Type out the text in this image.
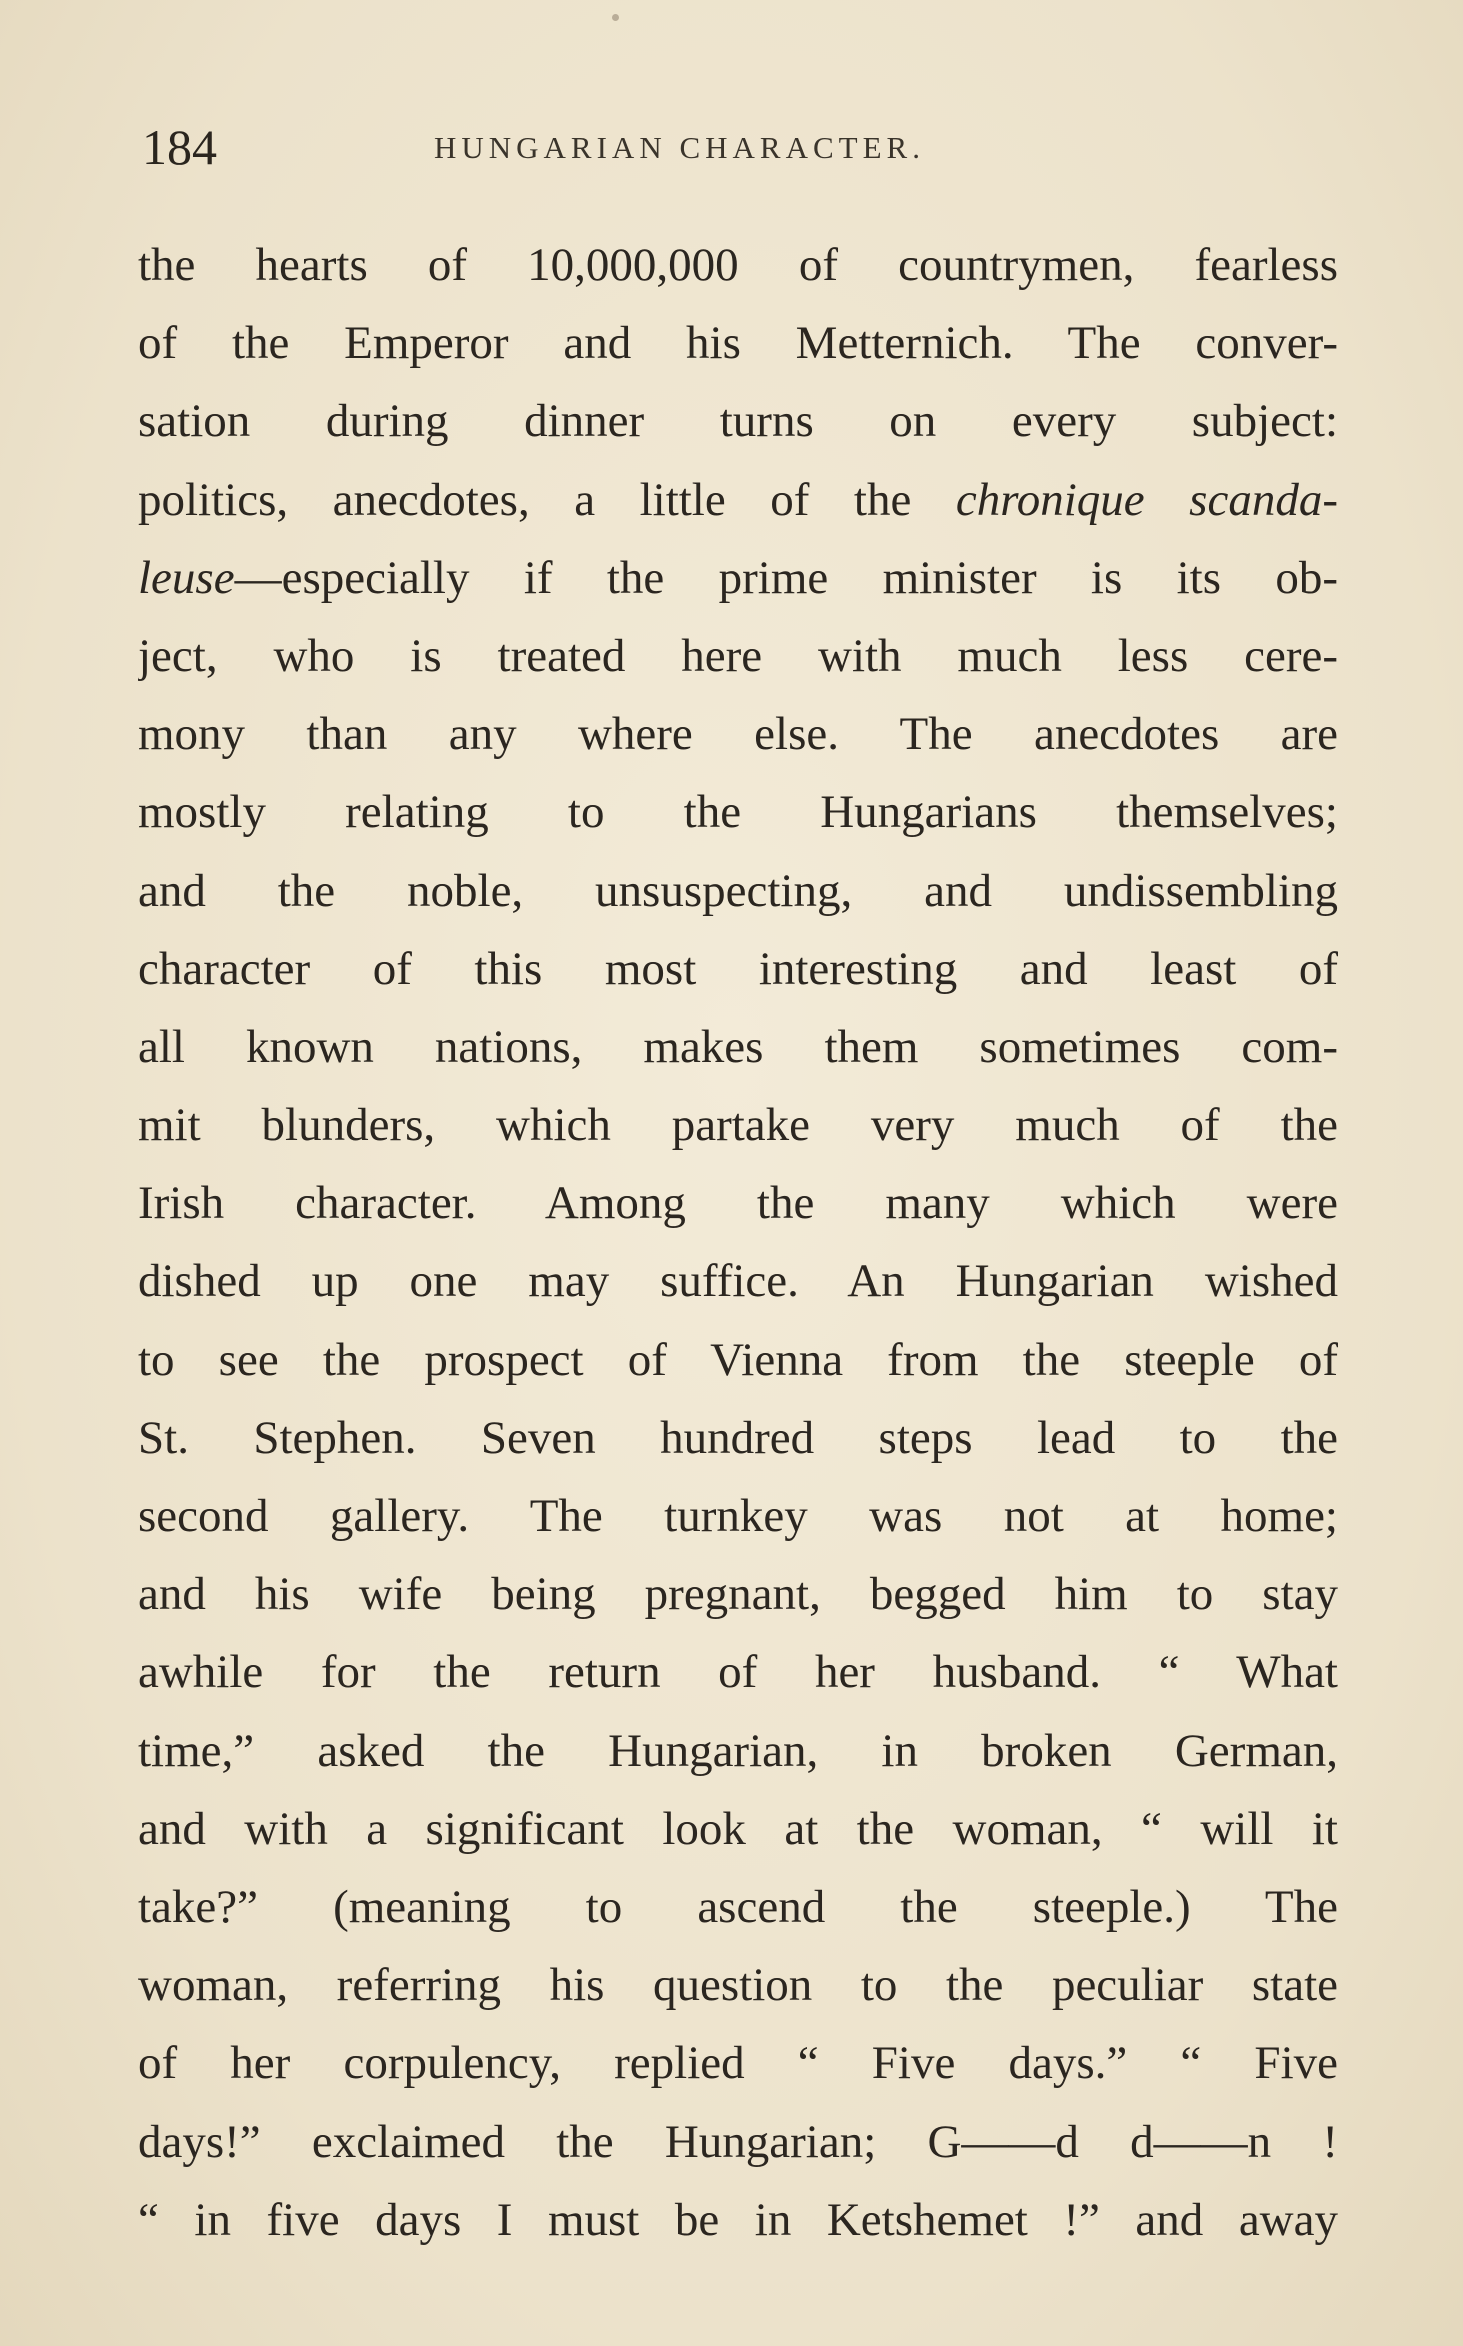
184	HUNGARIAN CHARACTER.
the hearts of 10,000,000 of countrymen, fearless
of the Emperor and his Metternich. The conver-
sation during dinner turns on every subject:
politics, anecdotes, a little of the chronique scanda-
leuse—especially if the prime minister is its ob-
ject, who is treated here with much less cere-
mony than any where else. The anecdotes are
mostly relating to the Hungarians themselves;
and the noble, unsuspecting, and undissembling
character of this most interesting and least of
all known nations, makes them sometimes com-
mit blunders, which partake very much of the
Irish character. Among the many which were
dished up one may suffice. An Hungarian wished
to see the prospect of Vienna from the steeple of
St. Stephen. Seven hundred steps lead to the
second gallery. The turnkey was not at home;
and his wife being pregnant, begged him to stay
awhile for the return of her husband. “ What
time,” asked the Hungarian, in broken German,
and with a significant look at the woman, “ will it
take?” (meaning to ascend the steeple.) The
woman, referring his question to the peculiar state
of her corpulency, replied “ Five days.” “ Five
days!” exclaimed the Hungarian; G——d d——n !
“ in five days I must be in Ketshemet !” and away
